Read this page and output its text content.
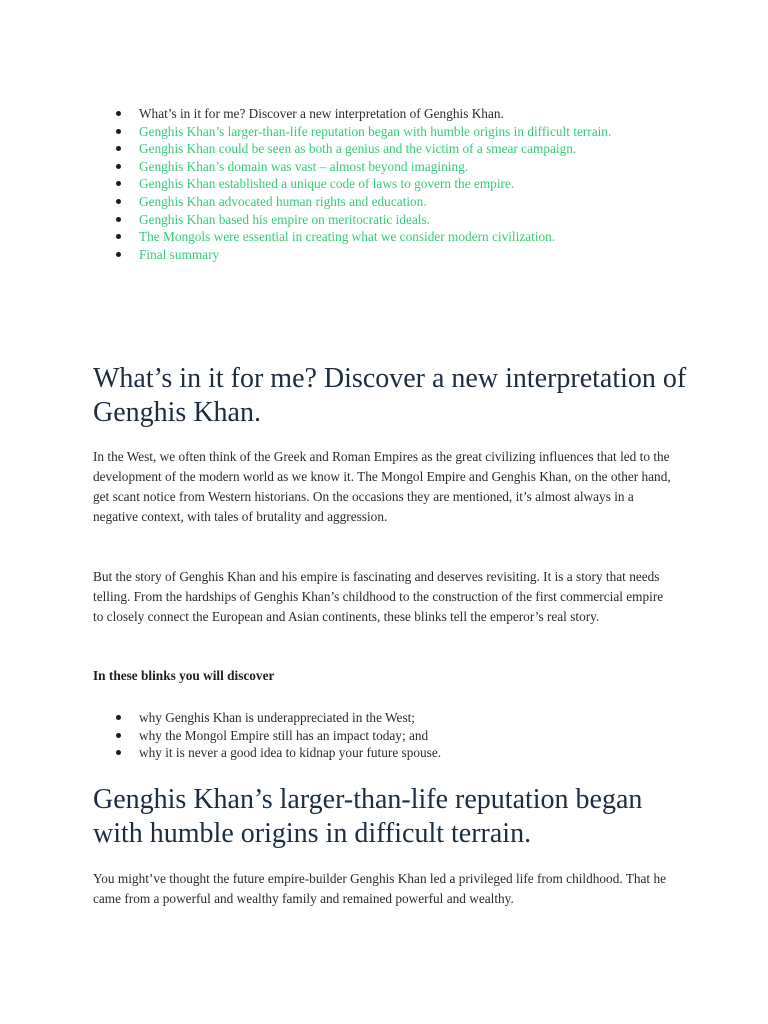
What’s in it for me? Discover a new interpretation of Genghis Khan.
Genghis Khan’s larger-than-life reputation began with humble origins in difficult terrain.
Genghis Khan could be seen as both a genius and the victim of a smear campaign.
Genghis Khan’s domain was vast – almost beyond imagining.
Genghis Khan established a unique code of laws to govern the empire.
Genghis Khan advocated human rights and education.
Genghis Khan based his empire on meritocratic ideals.
The Mongols were essential in creating what we consider modern civilization.
Final summary
What’s in it for me? Discover a new interpretation of Genghis Khan.

In the West, we often think of the Greek and Roman Empires as the great civilizing influences that led to the development of the modern world as we know it. The Mongol Empire and Genghis Khan, on the other hand, get scant notice from Western historians. On the occasions they are mentioned, it’s almost always in a negative context, with tales of brutality and aggression.

But the story of Genghis Khan and his empire is fascinating and deserves revisiting. It is a story that needs telling. From the hardships of Genghis Khan’s childhood to the construction of the first commercial empire to closely connect the European and Asian continents, these blinks tell the emperor’s real story.

In these blinks you will discover

why Genghis Khan is underappreciated in the West;
why the Mongol Empire still has an impact today; and
why it is never a good idea to kidnap your future spouse.
Genghis Khan’s larger-than-life reputation began with humble origins in difficult terrain.

You might’ve thought the future empire-builder Genghis Khan led a privileged life from childhood. That he came from a powerful and wealthy family and remained powerful and wealthy.
